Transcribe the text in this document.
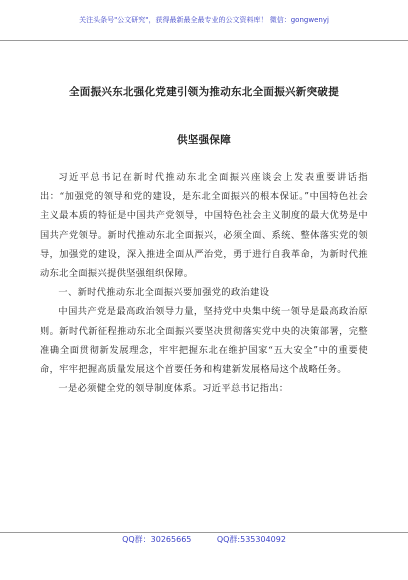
关注头条号"公文研究"，获得最新最全最专业的公文资料库！ 微信：gongwenyj
全面振兴东北强化党建引领为推动东北全面振兴新突破提
供坚强保障

习近平总书记在新时代推动东北全面振兴座谈会上发表重要讲话指出：“加强党的领导和党的建设，是东北全面振兴的根本保证。”中国特色社会主义最本质的特征是中国共产党领导，中国特色社会主义制度的最大优势是中国共产党领导。新时代推动东北全面振兴，必须全面、系统、整体落实党的领导，加强党的建设，深入推进全面从严治党，勇于进行自我革命，为新时代推动东北全面振兴提供坚强组织保障。

一、新时代推动东北全面振兴要加强党的政治建设

中国共产党是最高政治领导力量，坚持党中央集中统一领导是最高政治原则。新时代新征程推动东北全面振兴要坚决贯彻落实党中央的决策部署，完整准确全面贯彻新发展理念，牢牢把握东北在维护国家“五大安全”中的重要使命，牢牢把握高质量发展这个首要任务和构建新发展格局这个战略任务。

一是必须健全党的领导制度体系。习近平总书记指出：

QQ群：30265665	QQ群:535304092
